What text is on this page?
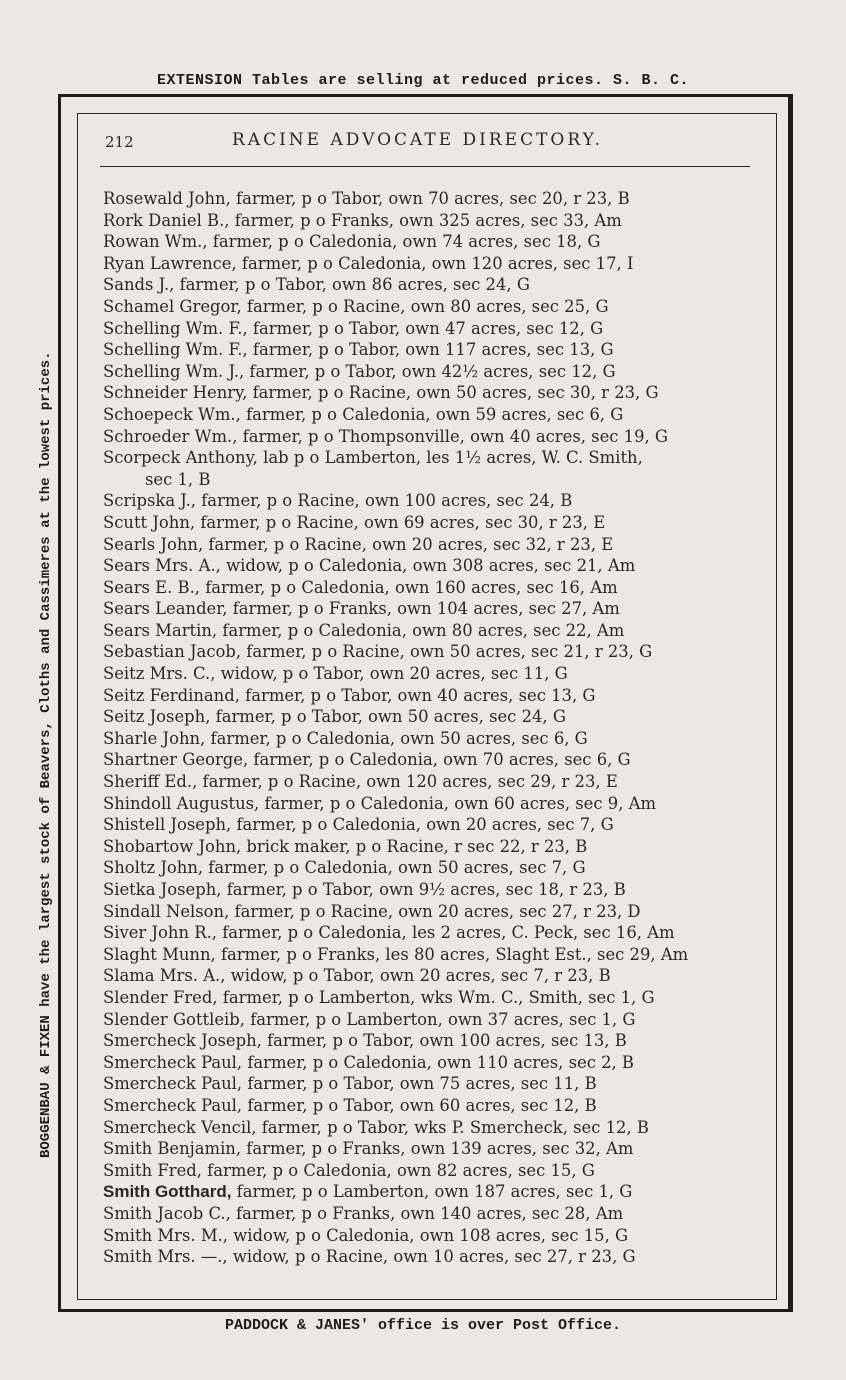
EXTENSION Tables are selling at reduced prices. S. B. C.
BOGGENBAU & FIXEN have the largest stock of Beavers, Cloths and Cassimeres at the lowest prices.
212	RACINE ADVOCATE DIRECTORY.
Rosewald John, farmer, p o Tabor, own 70 acres, sec 20, r 23, B
Rork Daniel B., farmer, p o Franks, own 325 acres, sec 33, Am
Rowan Wm., farmer, p o Caledonia, own 74 acres, sec 18, G
Ryan Lawrence, farmer, p o Caledonia, own 120 acres, sec 17, I
Sands J., farmer, p o Tabor, own 86 acres, sec 24, G
Schamel Gregor, farmer, p o Racine, own 80 acres, sec 25, G
Schelling Wm. F., farmer, p o Tabor, own 47 acres, sec 12, G
Schelling Wm. F., farmer, p o Tabor, own 117 acres, sec 13, G
Schelling Wm. J., farmer, p o Tabor, own 42½ acres, sec 12, G
Schneider Henry, farmer, p o Racine, own 50 acres, sec 30, r 23, G
Schoepeck Wm., farmer, p o Caledonia, own 59 acres, sec 6, G
Schroeder Wm., farmer, p o Thompsonville, own 40 acres, sec 19, G
Scorpeck Anthony, lab p o Lamberton, les 1½ acres, W. C. Smith,
sec 1, B
Scripska J., farmer, p o Racine, own 100 acres, sec 24, B
Scutt John, farmer, p o Racine, own 69 acres, sec 30, r 23, E
Searls John, farmer, p o Racine, own 20 acres, sec 32, r 23, E
Sears Mrs. A., widow, p o Caledonia, own 308 acres, sec 21, Am
Sears E. B., farmer, p o Caledonia, own 160 acres, sec 16, Am
Sears Leander, farmer, p o Franks, own 104 acres, sec 27, Am
Sears Martin, farmer, p o Caledonia, own 80 acres, sec 22, Am
Sebastian Jacob, farmer, p o Racine, own 50 acres, sec 21, r 23, G
Seitz Mrs. C., widow, p o Tabor, own 20 acres, sec 11, G
Seitz Ferdinand, farmer, p o Tabor, own 40 acres, sec 13, G
Seitz Joseph, farmer, p o Tabor, own 50 acres, sec 24, G
Sharle John, farmer, p o Caledonia, own 50 acres, sec 6, G
Shartner George, farmer, p o Caledonia, own 70 acres, sec 6, G
Sheriff Ed., farmer, p o Racine, own 120 acres, sec 29, r 23, E
Shindoll Augustus, farmer, p o Caledonia, own 60 acres, sec 9, Am
Shistell Joseph, farmer, p o Caledonia, own 20 acres, sec 7, G
Shobartow John, brick maker, p o Racine, r sec 22, r 23, B
Sholtz John, farmer, p o Caledonia, own 50 acres, sec 7, G
Sietka Joseph, farmer, p o Tabor, own 9½ acres, sec 18, r 23, B
Sindall Nelson, farmer, p o Racine, own 20 acres, sec 27, r 23, D
Siver John R., farmer, p o Caledonia, les 2 acres, C. Peck, sec 16, Am
Slaght Munn, farmer, p o Franks, les 80 acres, Slaght Est., sec 29, Am
Slama Mrs. A., widow, p o Tabor, own 20 acres, sec 7, r 23, B
Slender Fred, farmer, p o Lamberton, wks Wm. C., Smith, sec 1, G
Slender Gottleib, farmer, p o Lamberton, own 37 acres, sec 1, G
Smercheck Joseph, farmer, p o Tabor, own 100 acres, sec 13, B
Smercheck Paul, farmer, p o Caledonia, own 110 acres, sec 2, B
Smercheck Paul, farmer, p o Tabor, own 75 acres, sec 11, B
Smercheck Paul, farmer, p o Tabor, own 60 acres, sec 12, B
Smercheck Vencil, farmer, p o Tabor, wks P. Smercheck, sec 12, B
Smith Benjamin, farmer, p o Franks, own 139 acres, sec 32, Am
Smith Fred, farmer, p o Caledonia, own 82 acres, sec 15, G
Smith Gotthard, farmer, p o Lamberton, own 187 acres, sec 1, G
Smith Jacob C., farmer, p o Franks, own 140 acres, sec 28, Am
Smith Mrs. M., widow, p o Caledonia, own 108 acres, sec 15, G
Smith Mrs. —., widow, p o Racine, own 10 acres, sec 27, r 23, G
PADDOCK & JANES' office is over Post Office.
